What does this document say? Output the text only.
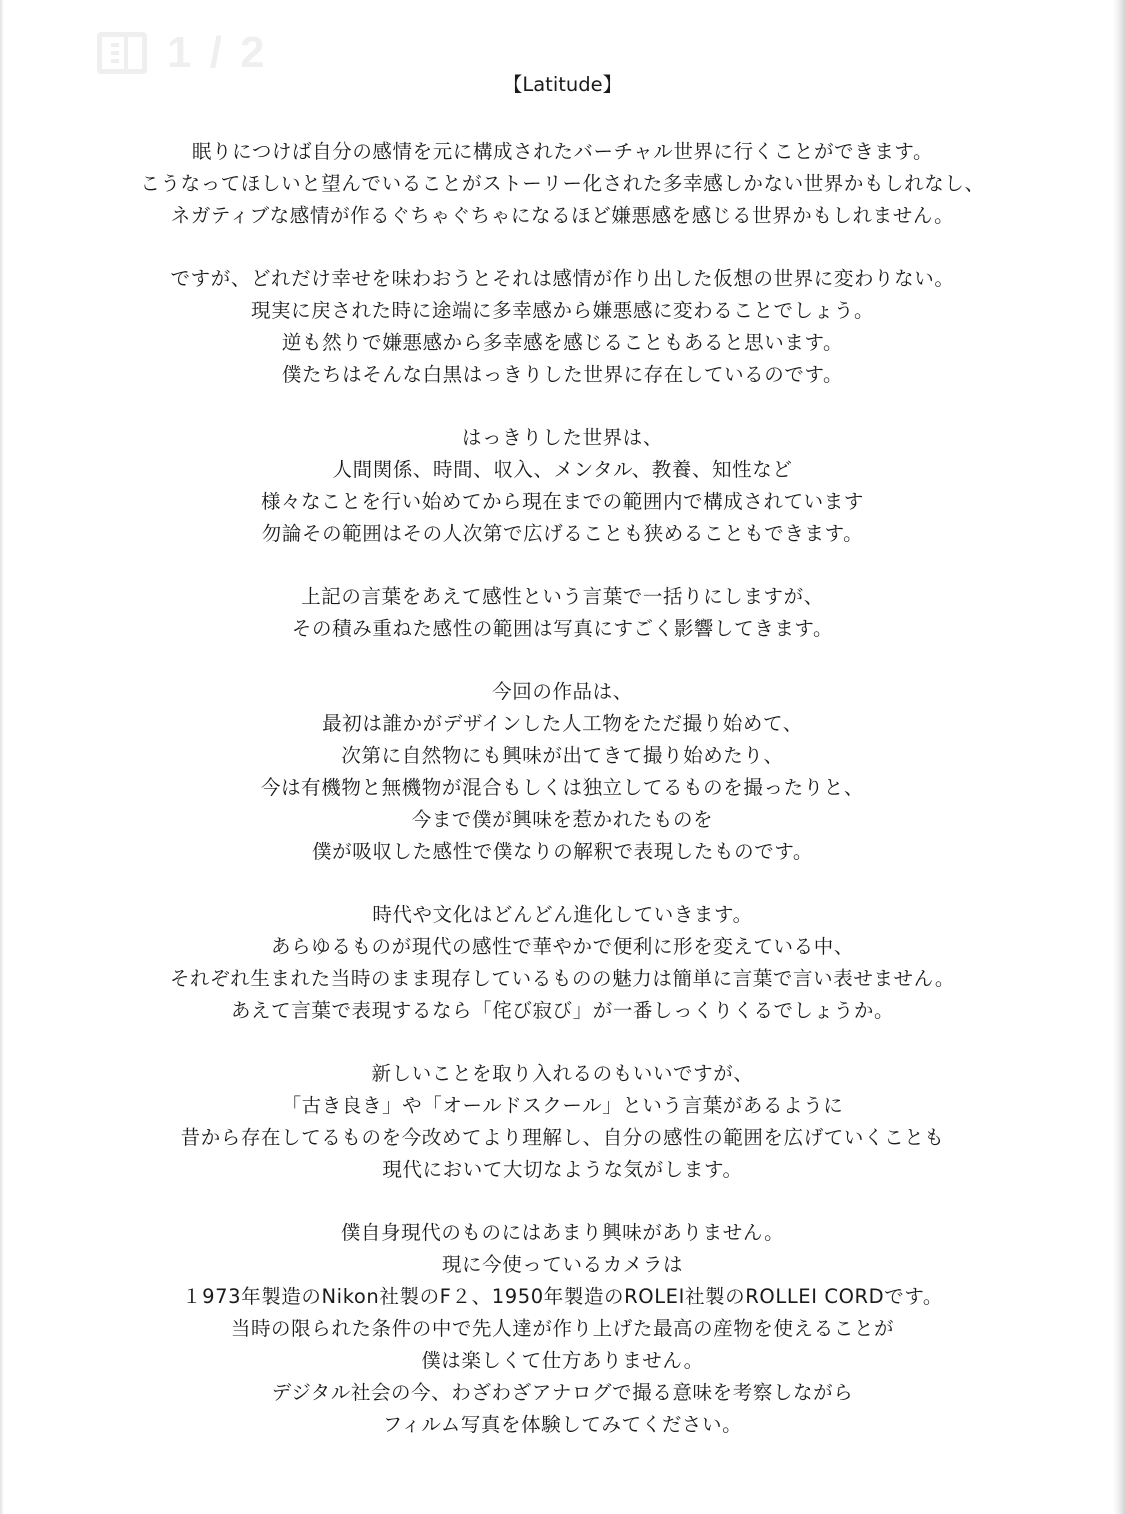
1 / 2
【Latitude】
眠りにつけば自分の感情を元に構成されたバーチャル世界に行くことができます。
こうなってほしいと望んでいることがストーリー化された多幸感しかない世界かもしれなし、
ネガティブな感情が作るぐちゃぐちゃになるほど嫌悪感を感じる世界かもしれません。
ですが、どれだけ幸せを味わおうとそれは感情が作り出した仮想の世界に変わりない。
現実に戻された時に途端に多幸感から嫌悪感に変わることでしょう。
逆も然りで嫌悪感から多幸感を感じることもあると思います。
僕たちはそんな白黒はっきりした世界に存在しているのです。
はっきりした世界は、
人間関係、時間、収入、メンタル、教養、知性など
様々なことを行い始めてから現在までの範囲内で構成されています
勿論その範囲はその人次第で広げることも狭めることもできます。
上記の言葉をあえて感性という言葉で一括りにしますが、
その積み重ねた感性の範囲は写真にすごく影響してきます。
今回の作品は、
最初は誰かがデザインした人工物をただ撮り始めて、
次第に自然物にも興味が出てきて撮り始めたり、
今は有機物と無機物が混合もしくは独立してるものを撮ったりと、
今まで僕が興味を惹かれたものを
僕が吸収した感性で僕なりの解釈で表現したものです。
時代や文化はどんどん進化していきます。
あらゆるものが現代の感性で華やかで便利に形を変えている中、
それぞれ生まれた当時のまま現存しているものの魅力は簡単に言葉で言い表せません。
あえて言葉で表現するなら「侘び寂び」が一番しっくりくるでしょうか。
新しいことを取り入れるのもいいですが、
「古き良き」や「オールドスクール」という言葉があるように
昔から存在してるものを今改めてより理解し、自分の感性の範囲を広げていくことも
現代において大切なような気がします。
僕自身現代のものにはあまり興味がありません。
現に今使っているカメラは
１973年製造のNikon社製のF２、1950年製造のROLEI社製のROLLEI CORDです。
当時の限られた条件の中で先人達が作り上げた最高の産物を使えることが
僕は楽しくて仕方ありません。
デジタル社会の今、わざわざアナログで撮る意味を考察しながら
フィルム写真を体験してみてください。
